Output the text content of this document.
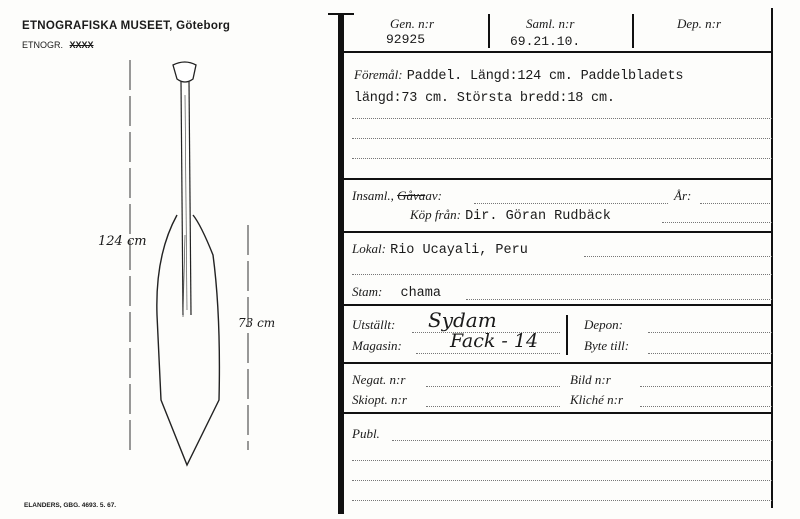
ETNOGRAFISKA MUSEET, Göteborg
ETNOGR. XXXX
124 cm
73 cm
ELANDERS, GBG. 4693. 5. 67.
Gen. n:r
92925
Saml. n:r
69.21.10.
Dep. n:r
Föremål: Paddel. Längd:124 cm. Paddelbladets
längd:73 cm. Största bredd:18 cm.
Insaml., Gåvaav:	År:
Köp från: Dir. Göran Rudbäck
Lokal: Rio Ucayali, Peru
Stam: chama
Utställt: Sydam
Magasin:	Fack - 14
Depon:
Byte till:
Negat. n:r	Bild n:r
Skiopt. n:r	Kliché n:r
Publ.
